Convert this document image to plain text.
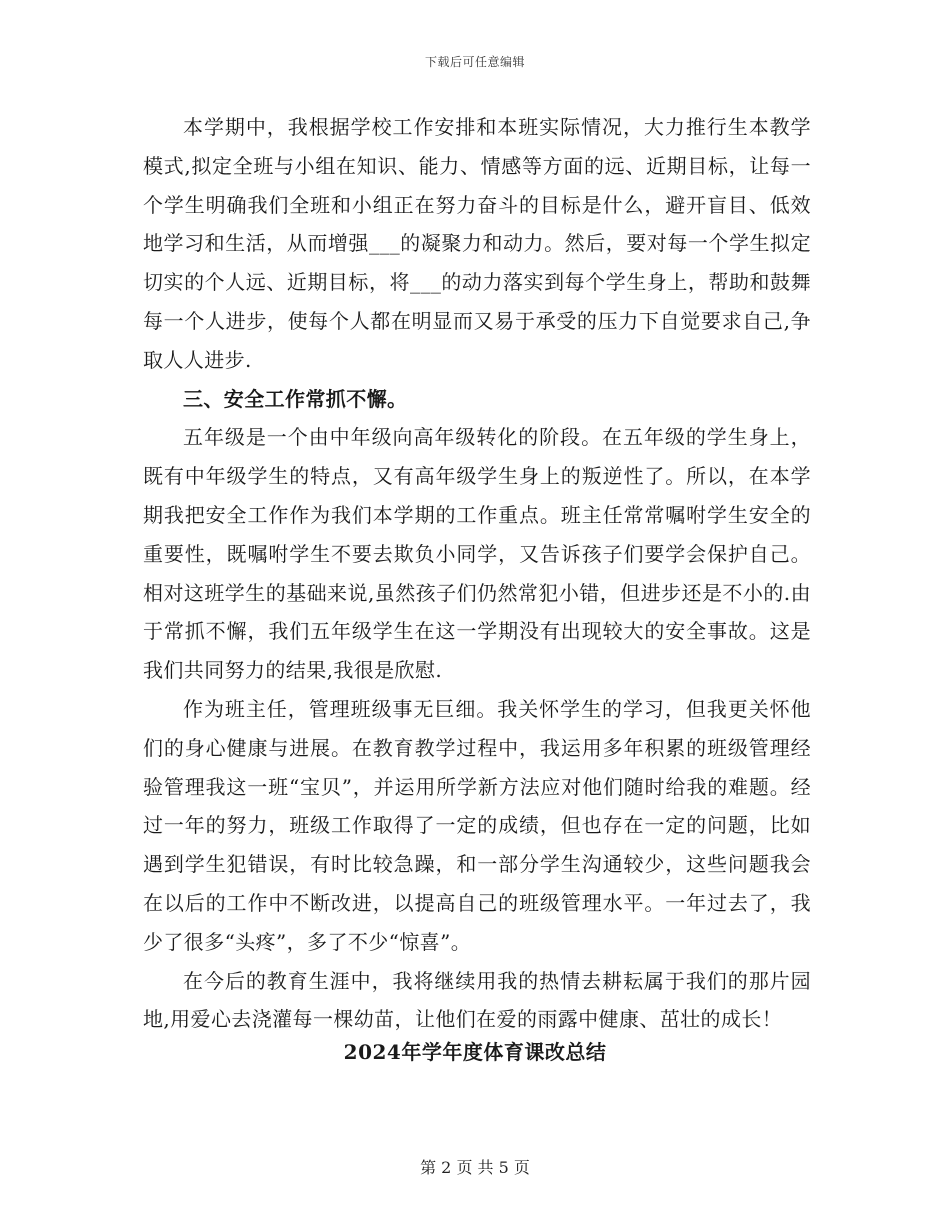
下载后可任意编辑

本学期中，我根据学校工作安排和本班实际情况，大力推行生本教学模式,拟定全班与小组在知识、能力、情感等方面的远、近期目标，让每一个学生明确我们全班和小组正在努力奋斗的目标是什么，避开盲目、低效地学习和生活，从而增强___的凝聚力和动力。然后，要对每一个学生拟定切实的个人远、近期目标，将___的动力落实到每个学生身上，帮助和鼓舞每一个人进步，使每个人都在明显而又易于承受的压力下自觉要求自己,争取人人进步.

三、安全工作常抓不懈。

五年级是一个由中年级向高年级转化的阶段。在五年级的学生身上，既有中年级学生的特点，又有高年级学生身上的叛逆性了。所以，在本学期我把安全工作作为我们本学期的工作重点。班主任常常嘱咐学生安全的重要性，既嘱咐学生不要去欺负小同学，又告诉孩子们要学会保护自己。相对这班学生的基础来说,虽然孩子们仍然常犯小错，但进步还是不小的.由于常抓不懈，我们五年级学生在这一学期没有出现较大的安全事故。这是我们共同努力的结果,我很是欣慰.

作为班主任，管理班级事无巨细。我关怀学生的学习，但我更关怀他们的身心健康与进展。在教育教学过程中，我运用多年积累的班级管理经验管理我这一班“宝贝”，并运用所学新方法应对他们随时给我的难题。经过一年的努力，班级工作取得了一定的成绩，但也存在一定的问题，比如遇到学生犯错误，有时比较急躁，和一部分学生沟通较少，这些问题我会在以后的工作中不断改进，以提高自己的班级管理水平。一年过去了，我少了很多“头疼”，多了不少“惊喜”。

在今后的教育生涯中，我将继续用我的热情去耕耘属于我们的那片园地,用爱心去浇灌每一棵幼苗，让他们在爱的雨露中健康、茁壮的成长！

2024年学年度体育课改总结
第 2 页 共 5 页
